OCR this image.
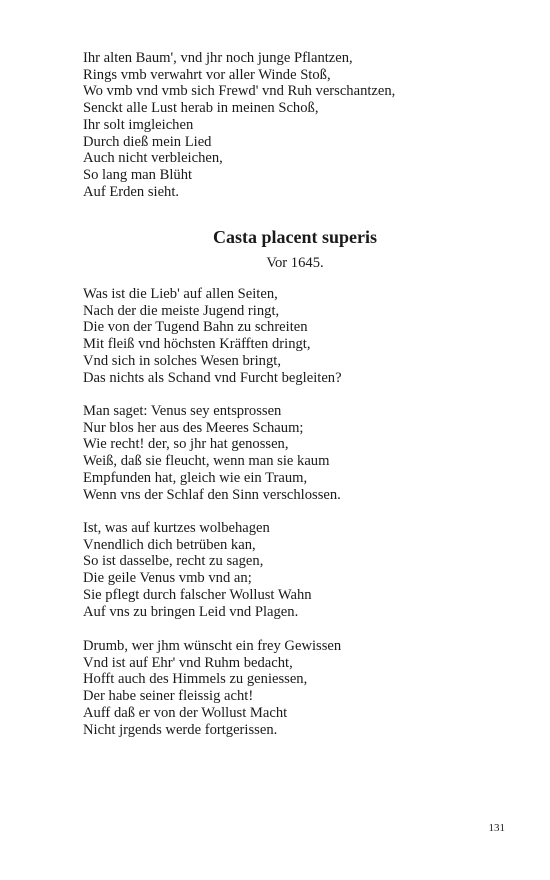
Ihr alten Baum', vnd jhr noch junge Pflantzen,
Rings vmb verwahrt vor aller Winde Stoß,
Wo vmb vnd vmb sich Frewd' vnd Ruh verschantzen,
Senckt alle Lust herab in meinen Schoß,
Ihr solt imgleichen
Durch dieß mein Lied
Auch nicht verbleichen,
So lang man Blüht
Auf Erden sieht.
Casta placent superis

Vor 1645.

Was ist die Lieb' auf allen Seiten,
Nach der die meiste Jugend ringt,
Die von der Tugend Bahn zu schreiten
Mit fleiß vnd höchsten Kräfften dringt,
Vnd sich in solches Wesen bringt,
Das nichts als Schand vnd Furcht begleiten?
Man saget: Venus sey entsprossen
Nur blos her aus des Meeres Schaum;
Wie recht! der, so jhr hat genossen,
Weiß, daß sie fleucht, wenn man sie kaum
Empfunden hat, gleich wie ein Traum,
Wenn vns der Schlaf den Sinn verschlossen.
Ist, was auf kurtzes wolbehagen
Vnendlich dich betrüben kan,
So ist dasselbe, recht zu sagen,
Die geile Venus vmb vnd an;
Sie pflegt durch falscher Wollust Wahn
Auf vns zu bringen Leid vnd Plagen.
Drumb, wer jhm wünscht ein frey Gewissen
Vnd ist auf Ehr' vnd Ruhm bedacht,
Hofft auch des Himmels zu geniessen,
Der habe seiner fleissig acht!
Auff daß er von der Wollust Macht
Nicht jrgends werde fortgerissen.
131
